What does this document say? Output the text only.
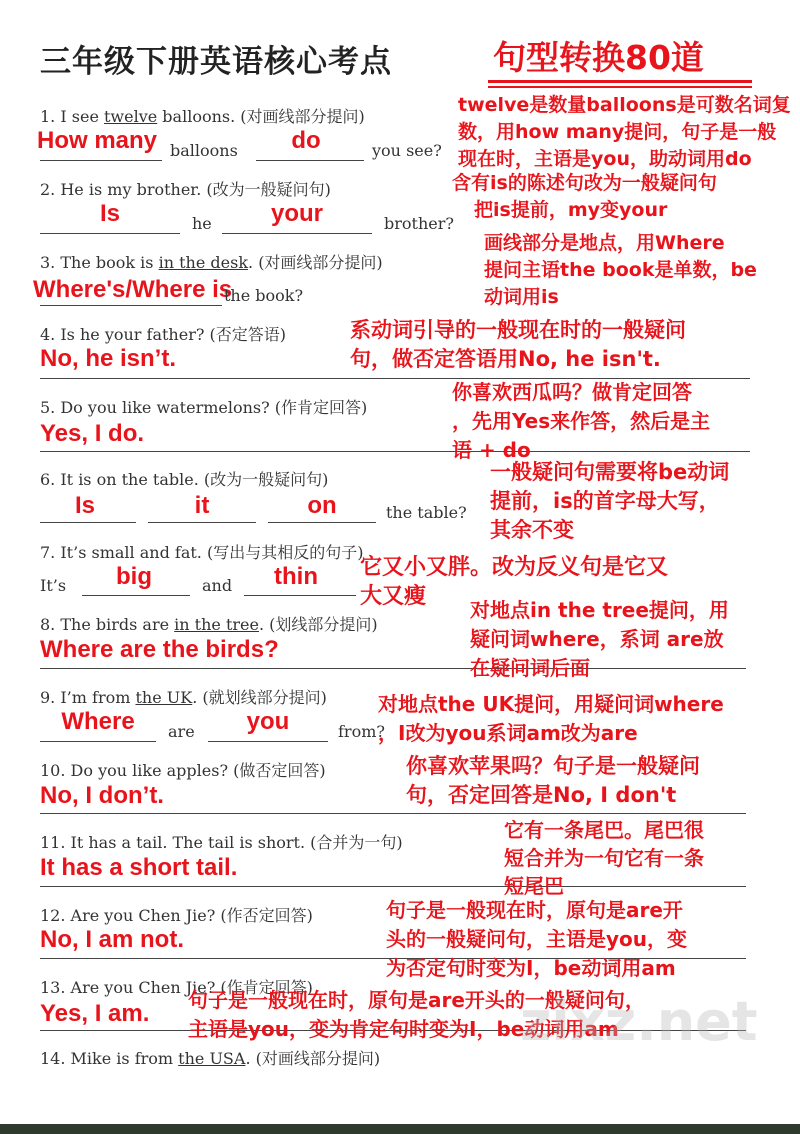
三年级下册英语核心考点	句型转换80道
1. I see twelve balloons. (对画线部分提问)
How many balloons	do	you see?
twelve是数量balloons是可数名词复
数，用how many提问，句子是一般
现在时，主语是you，助动词用do
2. He is my brother. (改为一般疑问句)
Is	he	your	brother?
含有is的陈述句改为一般疑问句
把is提前，my变your
3. The book is in the desk. (对画线部分提问)
Where's/Where is
the book?
画线部分是地点，用Where
提问主语the book是单数，be
动词用is
4. Is he your father? (否定答语)
No, he isn’t.
系动词引导的一般现在时的一般疑问
句，做否定答语用No, he isn't.
5. Do you like watermelons? (作肯定回答)
Yes, I do.
你喜欢西瓜吗？做肯定回答
，先用Yes来作答，然后是主
语 + do
6. It is on the table. (改为一般疑问句)
Is	it	on	the table?
一般疑问句需要将be动词
提前，is的首字母大写，
其余不变
7. It’s small and fat. (写出与其相反的句子)
It’s	big	and	thin	它又小又胖。改为反义句是它又
大又瘦
8. The birds are in the tree. (划线部分提问)
Where are the birds?
对地点in the tree提问，用
疑问词where，系词 are放
在疑问词后面
9. I’m from the UK. (就划线部分提问)
Where	are	you	from?
对地点the UK提问，用疑问词where
，I改为you系词am改为are
10. Do you like apples? (做否定回答)
No, I don’t.
你喜欢苹果吗？句子是一般疑问
句，否定回答是No, I don't
11. It has a tail. The tail is short. (合并为一句)
It has a short tail.
它有一条尾巴。尾巴很
短合并为一句它有一条
短尾巴
12. Are you Chen Jie? (作否定回答)
No, I am not.
句子是一般现在时，原句是are开
头的一般疑问句，主语是you，变
为否定句时变为I，be动词用am
13. Are you Chen Jie? (作肯定回答)
Yes, I am. 句子是一般现在时，原句是are开头的一般疑问句，
主语是you，变为肯定句时变为I，be动词用am
14. Mike is from the USA. (对画线部分提问)
zixz.net
